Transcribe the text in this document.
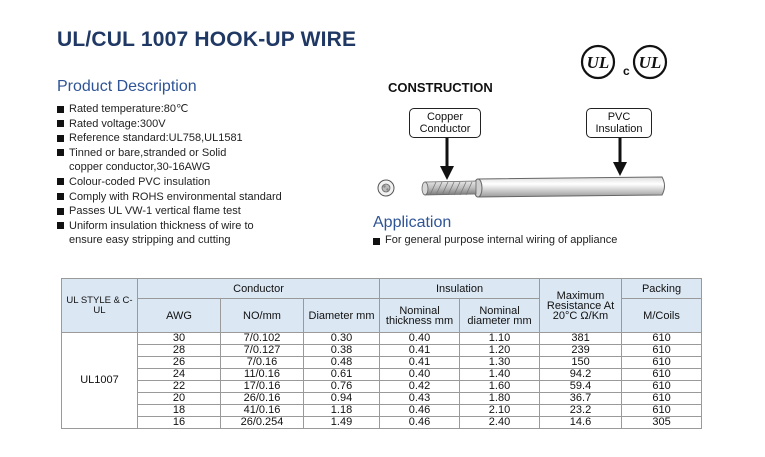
UL/CUL 1007 HOOK-UP WIRE
UL c UL
Product Description
Rated temperature:80℃
Rated voltage:300V
Reference standard:UL758,UL1581
Tinned or bare,stranded or Solid copper conductor,30-16AWG
Colour-coded PVC insulation
Comply with ROHS environmental standard
Passes UL VW-1 vertical flame test
Uniform insulation thickness of wire to ensure easy stripping and cutting
CONSTRUCTION
Copper Conductor
PVC Insulation
Application
For general purpose internal wiring of appliance
UL STYLE & C-UL	Conductor			Insulation		Maximum Resistance At 20°C Ω/Km	Packing
	AWG	NO/mm	Diameter mm	Nominal thickness mm	Nominal diameter mm		M/Coils
UL1007	30	7/0.102	0.30	0.40	1.10	381	610
	28	7/0.127	0.38	0.41	1.20	239	610
	26	7/0.16	0.48	0.41	1.30	150	610
	24	11/0.16	0.61	0.40	1.40	94.2	610
	22	17/0.16	0.76	0.42	1.60	59.4	610
	20	26/0.16	0.94	0.43	1.80	36.7	610
	18	41/0.16	1.18	0.46	2.10	23.2	610
	16	26/0.254	1.49	0.46	2.40	14.6	305
